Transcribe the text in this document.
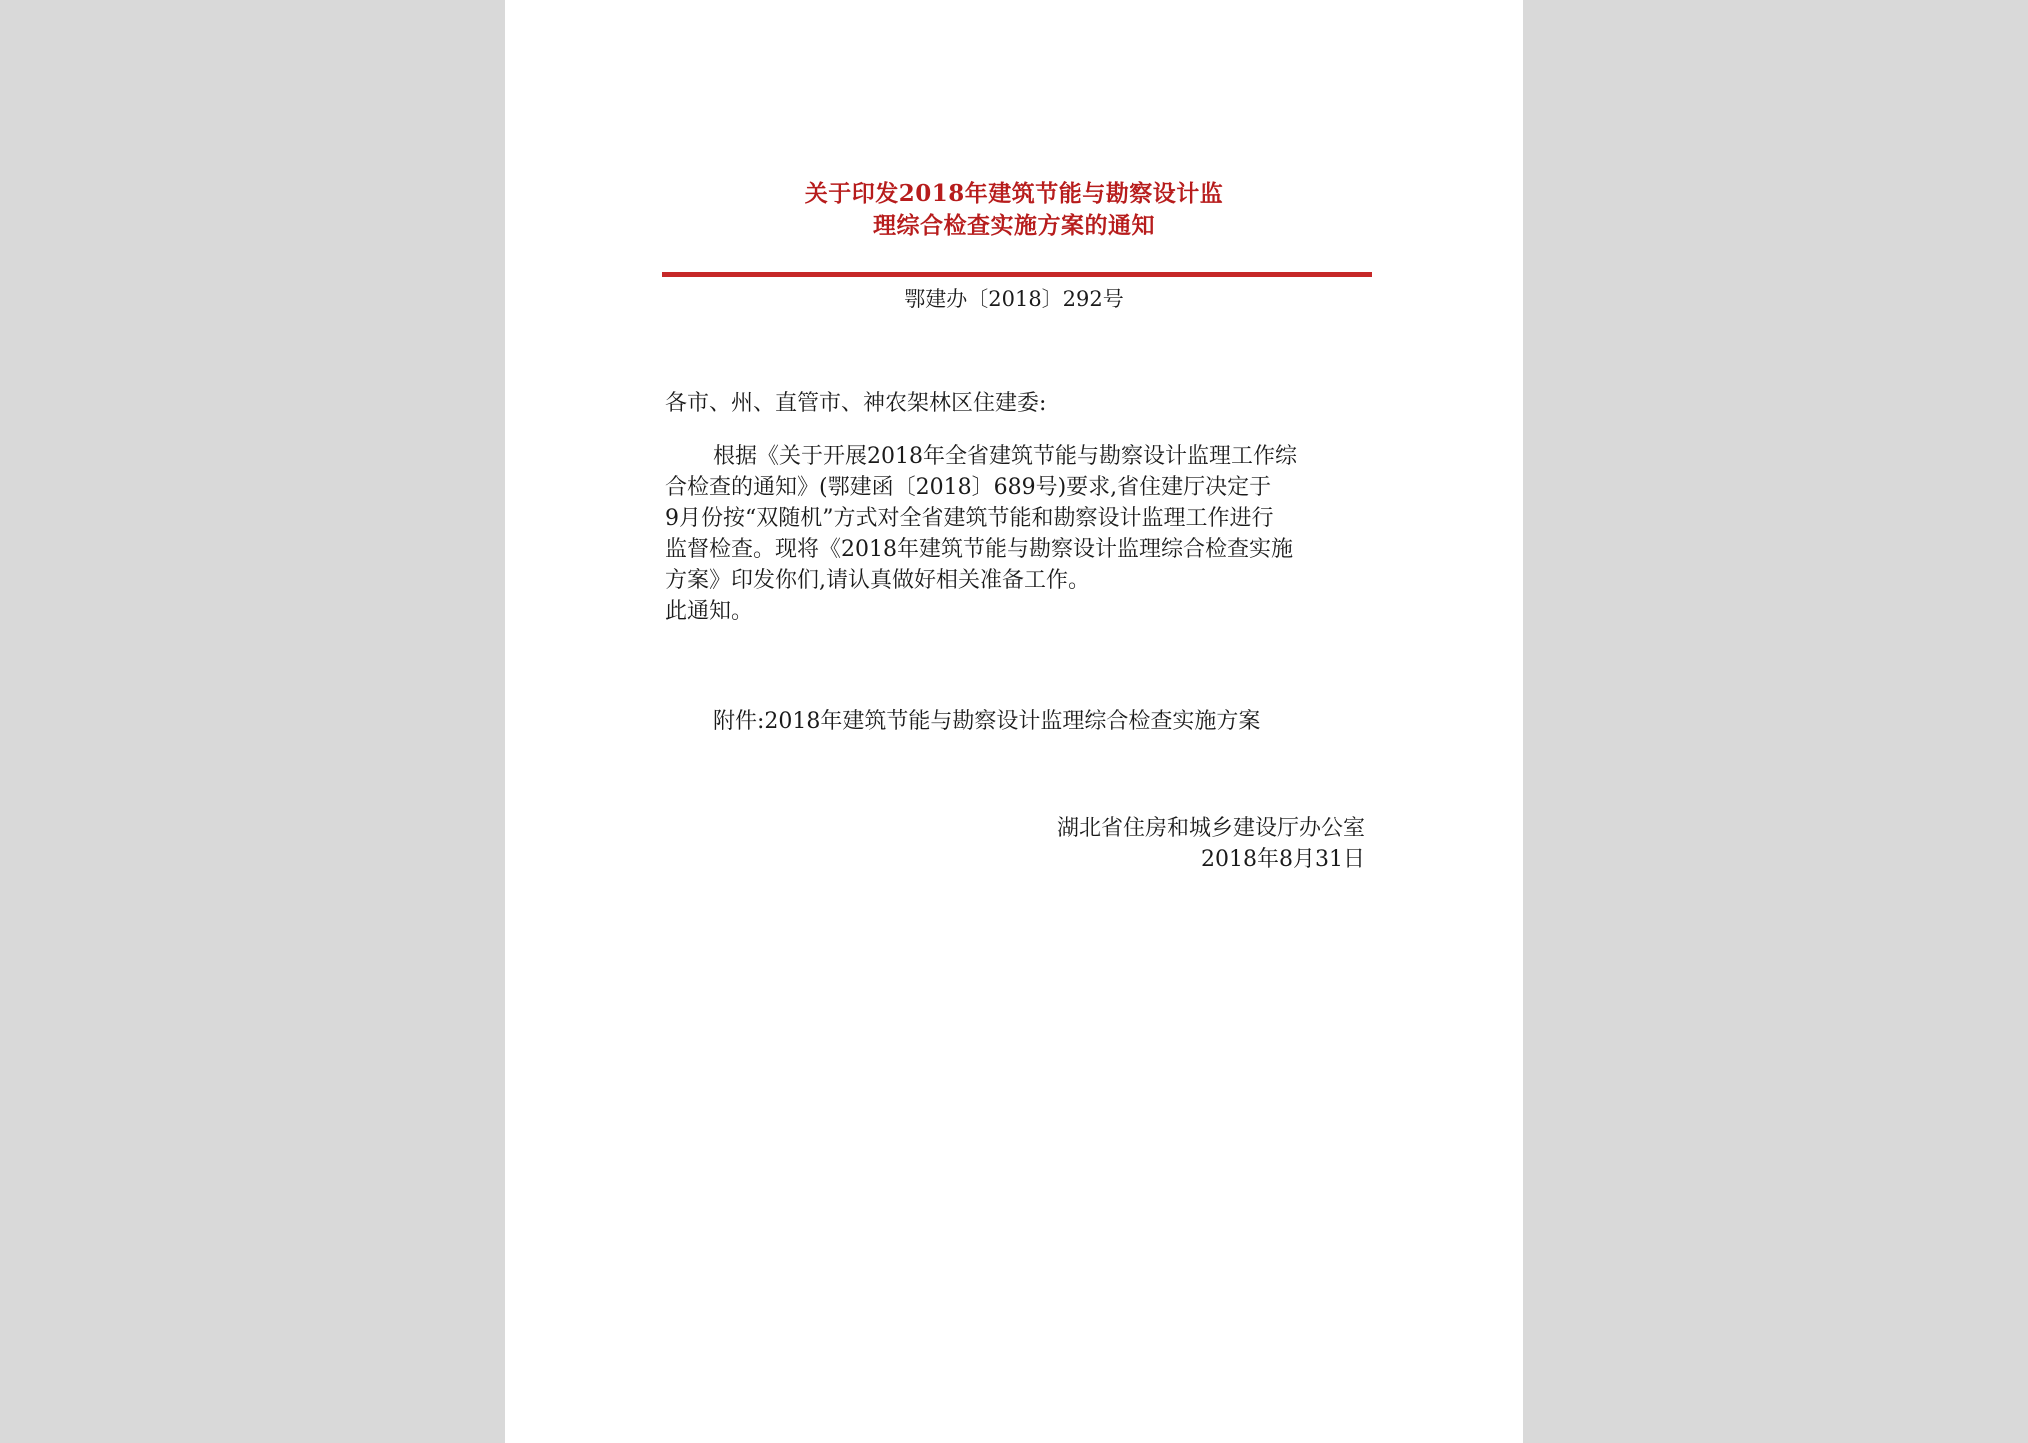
关于印发2018年建筑节能与勘察设计监
理综合检查实施方案的通知
鄂建办〔2018〕292号
各市、州、直管市、神农架林区住建委:
根据《关于开展2018年全省建筑节能与勘察设计监理工作综
合检查的通知》(鄂建函〔2018〕689号)要求,省住建厅决定于
9月份按“双随机”方式对全省建筑节能和勘察设计监理工作进行
监督检查。现将《2018年建筑节能与勘察设计监理综合检查实施
方案》印发你们,请认真做好相关准备工作。
此通知。
附件:2018年建筑节能与勘察设计监理综合检查实施方案
湖北省住房和城乡建设厅办公室
2018年8月31日
